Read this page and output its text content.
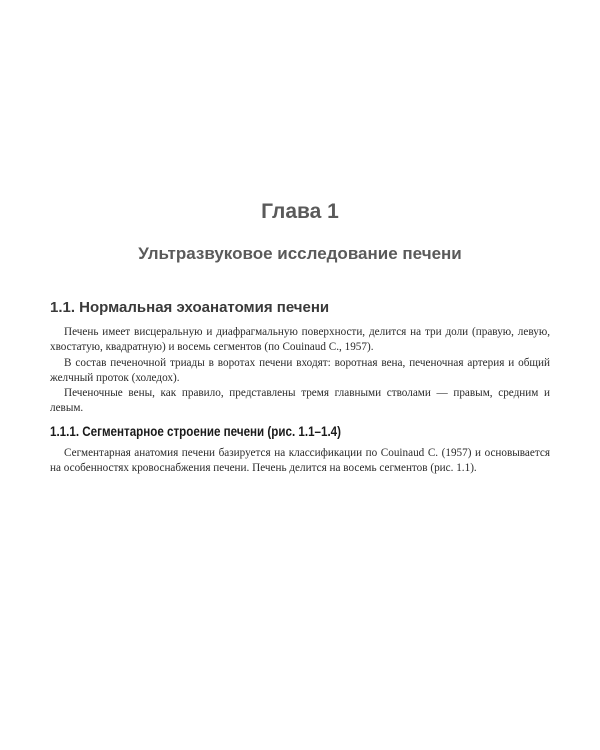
Глава 1
Ультразвуковое исследование печени
1.1. Нормальная эхоанатомия печени

Печень имеет висцеральную и диафрагмальную поверхности, делится на три доли (правую, левую, хвостатую, квадратную) и восемь сегментов (по Couinaud С., 1957).

В состав печеночной триады в воротах печени входят: воротная вена, печеночная артерия и общий желчный проток (холедох).

Печеночные вены, как правило, представлены тремя главными стволами — правым, средним и левым.

1.1.1. Сегментарное строение печени (рис. 1.1–1.4)

Сегментарная анатомия печени базируется на классификации по Couinaud С. (1957) и основывается на особенностях кровоснабжения печени. Печень делится на восемь сегментов (рис. 1.1).
